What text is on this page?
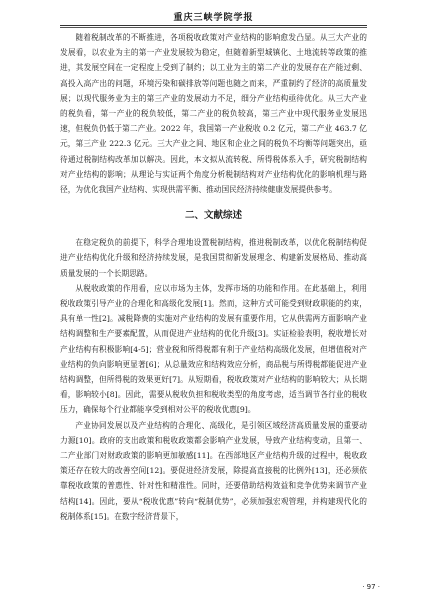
重庆三峡学院学报

随着税制改革的不断推进，各项税收政策对产业结构的影响愈发凸显。从三大产业的发展看，以农业为主的第一产业发展较为稳定，但随着新型城镇化、土地流转等政策的推进，其发展空间在一定程度上受到了制约；以工业为主的第二产业的发展存在产能过剩、高投入高产出的问题，环境污染和碳排放等问题也随之而来，严重制约了经济的高质量发展；以现代服务业为主的第三产业的发展动力不足，细分产业结构亟待优化。从三大产业的税负看，第一产业的税负较低，第二产业的税负较高，第三产业中现代服务业发展迅速，但税负仍低于第二产业。2022 年，我国第一产业税收 0.2 亿元，第二产业 463.7 亿元，第三产业 222.3 亿元。三大产业之间、地区和企业之间的税负不均衡等问题突出，亟待通过税制结构改革加以解决。因此，本文拟从流转税、所得税体系入手，研究税制结构对产业结构的影响；从理论与实证两个角度分析税制结构对产业结构优化的影响机理与路径，为优化我国产业结构、实现供需平衡、推动国民经济持续健康发展提供参考。

二、文献综述

在稳定税负的前提下，科学合理地设置税制结构，推进税制改革，以优化税制结构促进产业结构优化升级和经济持续发展，是我国贯彻新发展理念、构建新发展格局、推动高质量发展的一个长期思路。

从税收政策的作用看，应以市场为主体，发挥市场的功能和作用。在此基础上，利用税收政策引导产业的合理化和高级化发展[1]。然而，这种方式可能受到财政职能的约束，具有单一性[2]。减税降费的实施对产业结构的发展有重要作用，它从供需两方面影响产业结构调整和生产要素配置，从而促进产业结构的优化升级[3]。实证检验表明，税收增长对产业结构有积极影响[4-5]；营业税和所得税都有利于产业结构高级化发展，但增值税对产业结构的负向影响更显著[6]；从总量效应和结构效应分析，商品税与所得税都能促进产业结构调整，但所得税的效果更好[7]。从短期看，税收政策对产业结构的影响较大；从长期看，影响较小[8]。因此，需要从税收负担和税收类型的角度考虑，适当调节各行业的税收压力，确保每个行业都能享受到相对公平的税收优惠[9]。

产业协同发展以及产业结构的合理化、高级化，是引领区域经济高质量发展的重要动力源[10]。政府的支出政策和税收政策都会影响产业发展，导致产业结构变动，且第一、二产业部门对财政政策的影响更加敏感[11]。在西部地区产业结构升级的过程中，税收政策还存在较大的改善空间[12]。要促进经济发展，除提高直接税的比例外[13]，还必须依靠税收政策的普惠性、针对性和精准性。同时，还要借助结构效益和竞争优势来调节产业结构[14]。因此，要从“税收优惠”转向“税制优势”，必须加强宏观管理，并构建现代化的税制体系[15]。在数字经济背景下，

· 97 ·
